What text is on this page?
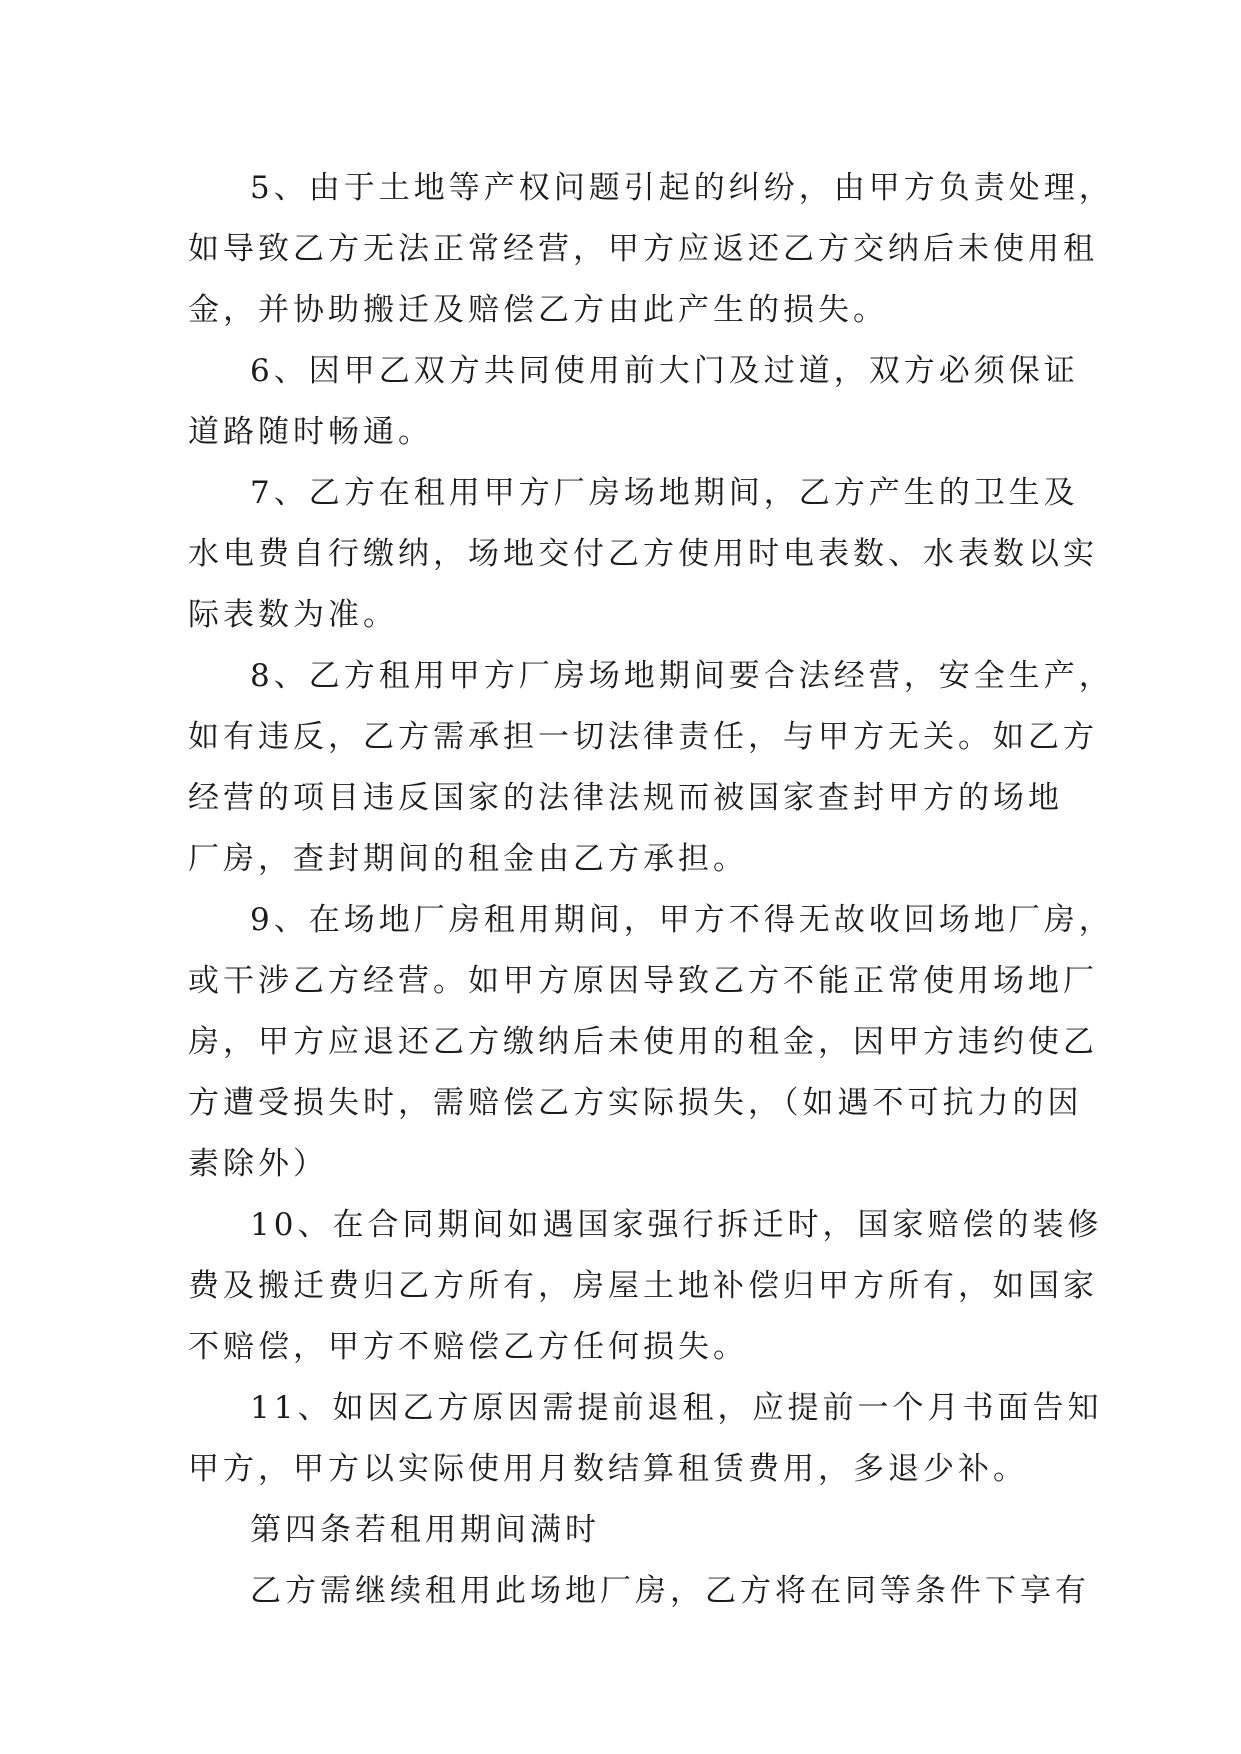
5、由于土地等产权问题引起的纠纷，由甲方负责处理，
如导致乙方无法正常经营，甲方应返还乙方交纳后未使用租
金，并协助搬迁及赔偿乙方由此产生的损失。
6、因甲乙双方共同使用前大门及过道，双方必须保证
道路随时畅通。
7、乙方在租用甲方厂房场地期间，乙方产生的卫生及
水电费自行缴纳，场地交付乙方使用时电表数、水表数以实
际表数为准。
8、乙方租用甲方厂房场地期间要合法经营，安全生产，
如有违反，乙方需承担一切法律责任，与甲方无关。如乙方
经营的项目违反国家的法律法规而被国家查封甲方的场地
厂房，查封期间的租金由乙方承担。
9、在场地厂房租用期间，甲方不得无故收回场地厂房，
或干涉乙方经营。如甲方原因导致乙方不能正常使用场地厂
房，甲方应退还乙方缴纳后未使用的租金，因甲方违约使乙
方遭受损失时，需赔偿乙方实际损失，（如遇不可抗力的因
素除外）
10、在合同期间如遇国家强行拆迁时，国家赔偿的装修
费及搬迁费归乙方所有，房屋土地补偿归甲方所有，如国家
不赔偿，甲方不赔偿乙方任何损失。
11、如因乙方原因需提前退租，应提前一个月书面告知
甲方，甲方以实际使用月数结算租赁费用，多退少补。
第四条若租用期间满时
乙方需继续租用此场地厂房，乙方将在同等条件下享有
